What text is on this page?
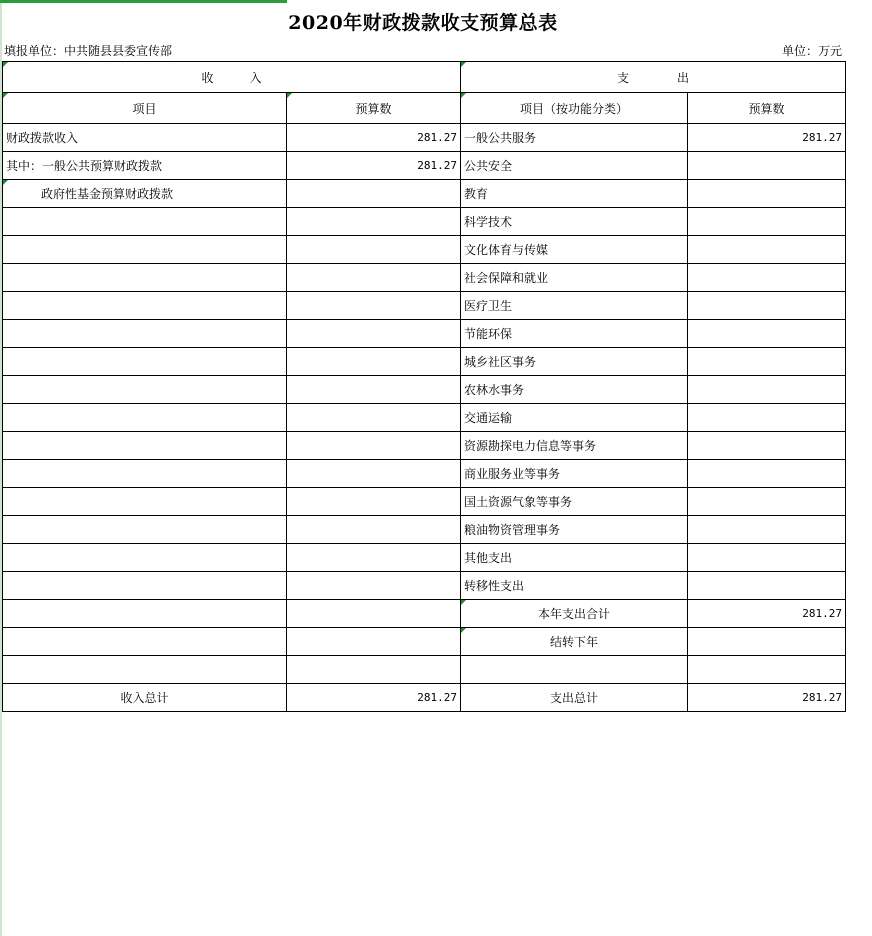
2020年财政拨款收支预算总表
填报单位：中共随县县委宣传部	单位：万元
收　　　入		支　　　　出	
项目	预算数	项目（按功能分类）	预算数
财政拨款收入	281.27	一般公共服务	281.27
其中：一般公共预算财政拨款	281.27	公共安全	
政府性基金预算财政拨款		教育	
		科学技术	
		文化体育与传媒	
		社会保障和就业	
		医疗卫生	
		节能环保	
		城乡社区事务	
		农林水事务	
		交通运输	
		资源勘探电力信息等事务	
		商业服务业等事务	
		国土资源气象等事务	
		粮油物资管理事务	
		其他支出	
		转移性支出	
		本年支出合计	281.27
		结转下年	

收入总计	281.27	支出总计	281.27
